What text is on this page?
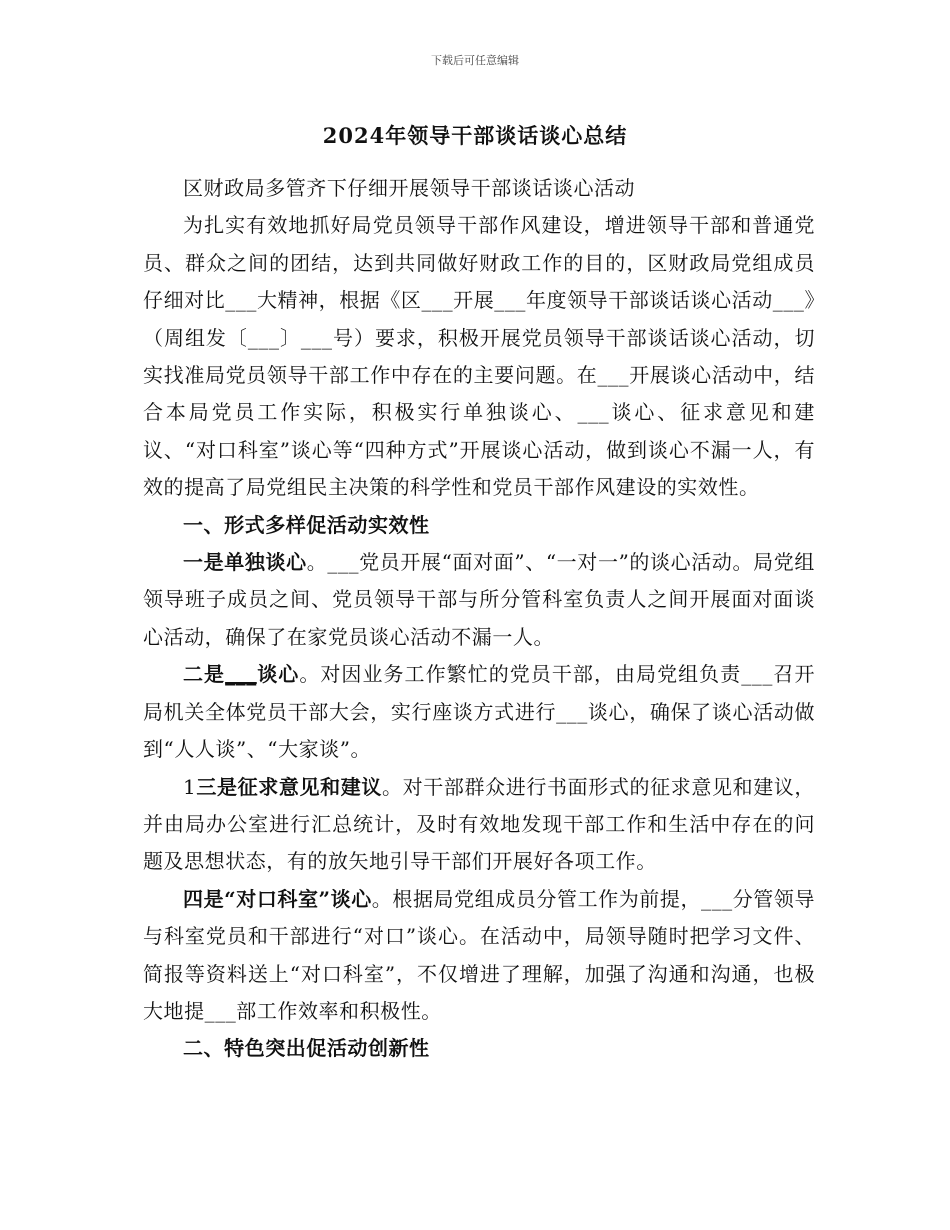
下载后可任意编辑
2024年领导干部谈话谈心总结

区财政局多管齐下仔细开展领导干部谈话谈心活动

为扎实有效地抓好局党员领导干部作风建设，增进领导干部和普通党员、群众之间的团结，达到共同做好财政工作的目的，区财政局党组成员仔细对比___大精神，根据《区___开展___年度领导干部谈话谈心活动___》（周组发〔___〕___号）要求，积极开展党员领导干部谈话谈心活动，切实找准局党员领导干部工作中存在的主要问题。在___开展谈心活动中，结合本局党员工作实际，积极实行单独谈心、___谈心、征求意见和建议、“对口科室”谈心等“四种方式”开展谈心活动，做到谈心不漏一人，有效的提高了局党组民主决策的科学性和党员干部作风建设的实效性。

一、形式多样促活动实效性

一是单独谈心。___党员开展“面对面”、“一对一”的谈心活动。局党组领导班子成员之间、党员领导干部与所分管科室负责人之间开展面对面谈心活动，确保了在家党员谈心活动不漏一人。

二是___谈心。对因业务工作繁忙的党员干部，由局党组负责___召开局机关全体党员干部大会，实行座谈方式进行___谈心，确保了谈心活动做到“人人谈”、“大家谈”。

1三是征求意见和建议。对干部群众进行书面形式的征求意见和建议，并由局办公室进行汇总统计，及时有效地发现干部工作和生活中存在的问题及思想状态，有的放矢地引导干部们开展好各项工作。

四是“对口科室”谈心。根据局党组成员分管工作为前提，___分管领导与科室党员和干部进行“对口”谈心。在活动中，局领导随时把学习文件、简报等资料送上“对口科室”，不仅增进了理解，加强了沟通和沟通，也极大地提___部工作效率和积极性。

二、特色突出促活动创新性
